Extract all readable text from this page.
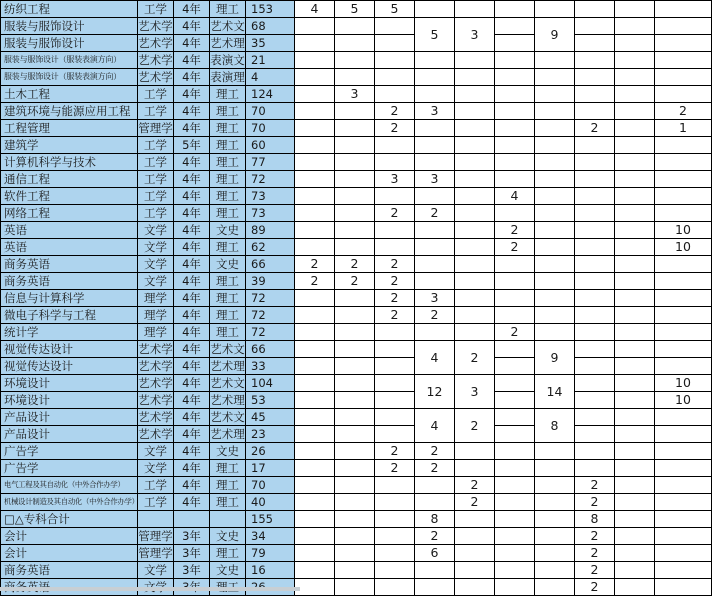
纺织工程	工学	4年	理工	153	4	5	5							
服装与服饰设计	艺术学	4年	艺术文	68				5	3		9			
服装与服饰设计	艺术学	4年	艺术理	35										
服装与服饰设计（服装表演方向）	艺术学	4年	表演文	21										
服装与服饰设计（服装表演方向）	艺术学	4年	表演理	4										
土木工程	工学	4年	理工	124		3								
建筑环境与能源应用工程	工学	4年	理工	70			2	3						2
工程管理	管理学	4年	理工	70			2					2		1
建筑学	工学	5年	理工	60										
计算机科学与技术	工学	4年	理工	77										
通信工程	工学	4年	理工	72			3	3						
软件工程	工学	4年	理工	73						4				
网络工程	工学	4年	理工	73			2	2						
英语	文学	4年	文史	89						2				10
英语	文学	4年	理工	62						2				10
商务英语	文学	4年	文史	66	2	2	2							
商务英语	文学	4年	理工	39	2	2	2							
信息与计算科学	理学	4年	理工	72			2	3						
微电子科学与工程	理学	4年	理工	72			2	2						
统计学	理学	4年	理工	72						2				
视觉传达设计	艺术学	4年	艺术文	66				4	2		9			
视觉传达设计	艺术学	4年	艺术理	33										
环境设计	艺术学	4年	艺术文	104				12	3		14			10
环境设计	艺术学	4年	艺术理	53										10
产品设计	艺术学	4年	艺术文	45				4	2		8			
产品设计	艺术学	4年	艺术理	23										
广告学	文学	4年	文史	26			2	2						
广告学	文学	4年	理工	17			2	2						
电气工程及其自动化（中外合作办学）	工学	4年	理工	70					2			2		
机械设计制造及其自动化（中外合作办学）	工学	4年	理工	40					2			2		
□△专科合计				155				8				8		
会计	管理学	3年	文史	34				2				2		
会计	管理学	3年	理工	79				6				2		
商务英语	文学	3年	文史	16								2		
												2		
